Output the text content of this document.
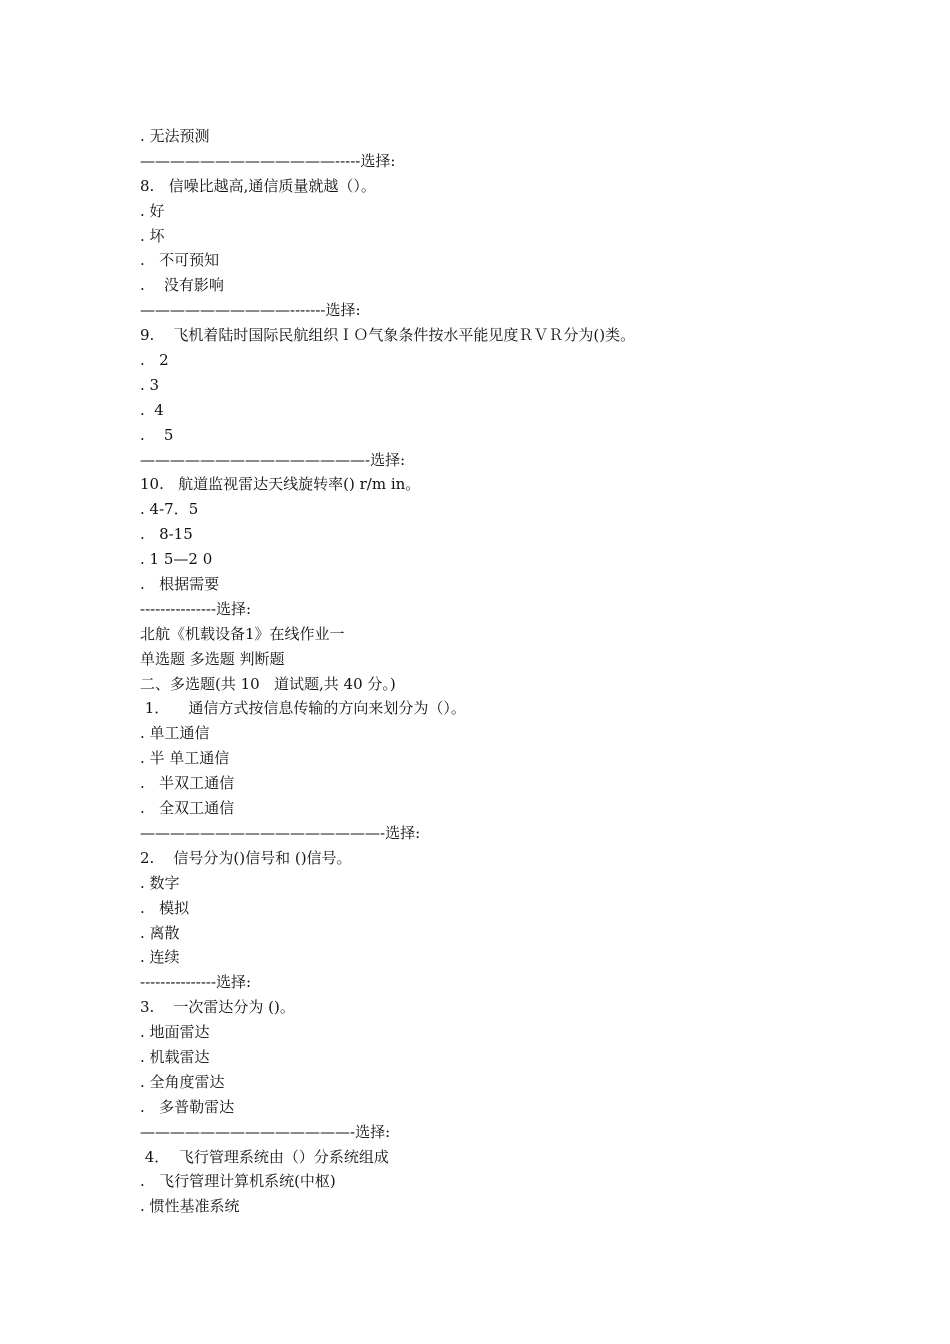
. 无法预测
—————————————-----选择:
8.   信噪比越高,通信质量就越（）。
. 好
. 坏
.   不可预知
.    没有影响
——————————-------选择:
9.    飞机着陆时国际民航组织ＩＯ气象条件按水平能见度ＲＶＲ分为()类。
.   2
. 3
.  4
.    5
———————————————-选择:
10.   航道监视雷达天线旋转率() r/m in。
. 4-7．5
.   8-15
. 1 5—2 0
.   根据需要
---------------选择:
北航《机载设备1》在线作业一
单选题 多选题 判断题
二、多选题(共 10   道试题,共 40 分。)
1．    通信方式按信息传输的方向来划分为（）。
. 单工通信
. 半 单工通信
.   半双工通信
.   全双工通信
————————————————-选择:
2.    信号分为()信号和 ()信号。
. 数字
.   模拟
. 离散
. 连续
---------------选择:
3.    一次雷达分为 ()。
. 地面雷达
. 机载雷达
. 全角度雷达
.   多普勒雷达
——————————————-选择:
4．  飞行管理系统由（）分系统组成
.   飞行管理计算机系统(中枢)
. 惯性基准系统
